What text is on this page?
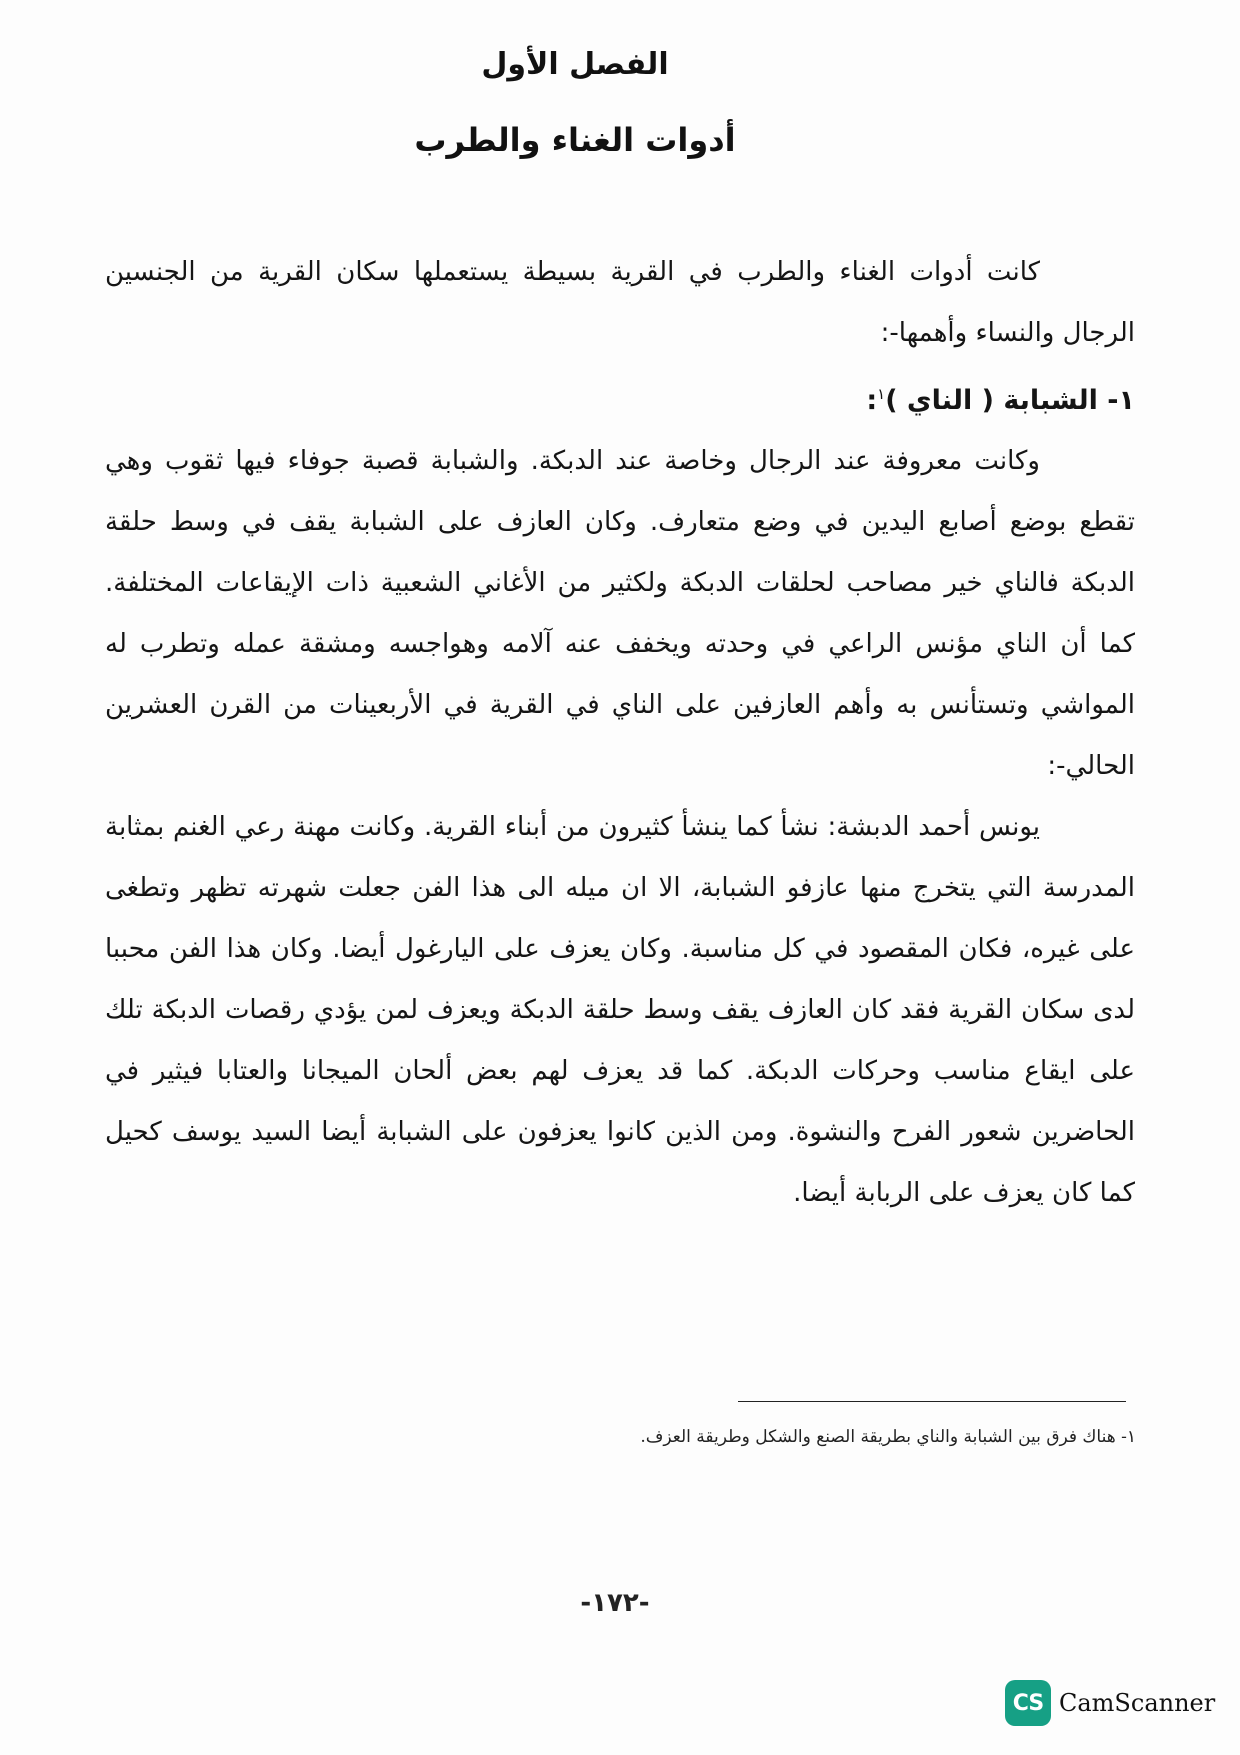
الفصل الأول
أدوات الغناء والطرب

كانت أدوات الغناء والطرب في القرية بسيطة يستعملها سكان القرية من الجنسين الرجال والنساء وأهمها-:

١- الشبابة ( الناي )$^١$:

وكانت معروفة عند الرجال وخاصة عند الدبكة. والشبابة قصبة جوفاء فيها ثقوب وهي تقطع بوضع أصابع اليدين في وضع متعارف. وكان العازف على الشبابة يقف في وسط حلقة الدبكة فالناي خير مصاحب لحلقات الدبكة ولكثير من الأغاني الشعبية ذات الإيقاعات المختلفة. كما أن الناي مؤنس الراعي في وحدته ويخفف عنه آلامه وهواجسه ومشقة عمله وتطرب له المواشي وتستأنس به وأهم العازفين على الناي في القرية في الأربعينات من القرن العشرين الحالي-:

يونس أحمد الدبشة: نشأ كما ينشأ كثيرون من أبناء القرية. وكانت مهنة رعي الغنم بمثابة المدرسة التي يتخرج منها عازفو الشبابة، الا ان ميله الى هذا الفن جعلت شهرته تظهر وتطغى على غيره، فكان المقصود في كل مناسبة. وكان يعزف على اليارغول أيضا. وكان هذا الفن محببا لدى سكان القرية فقد كان العازف يقف وسط حلقة الدبكة ويعزف لمن يؤدي رقصات الدبكة تلك على ايقاع مناسب وحركات الدبكة. كما قد يعزف لهم بعض ألحان الميجانا والعتابا فيثير في الحاضرين شعور الفرح والنشوة. ومن الذين كانوا يعزفون على الشبابة أيضا السيد يوسف كحيل كما كان يعزف على الربابة أيضا.

١- هناك فرق بين الشبابة والناي بطريقة الصنع والشكل وطريقة العزف.
-١٧٢-
CS CamScanner
